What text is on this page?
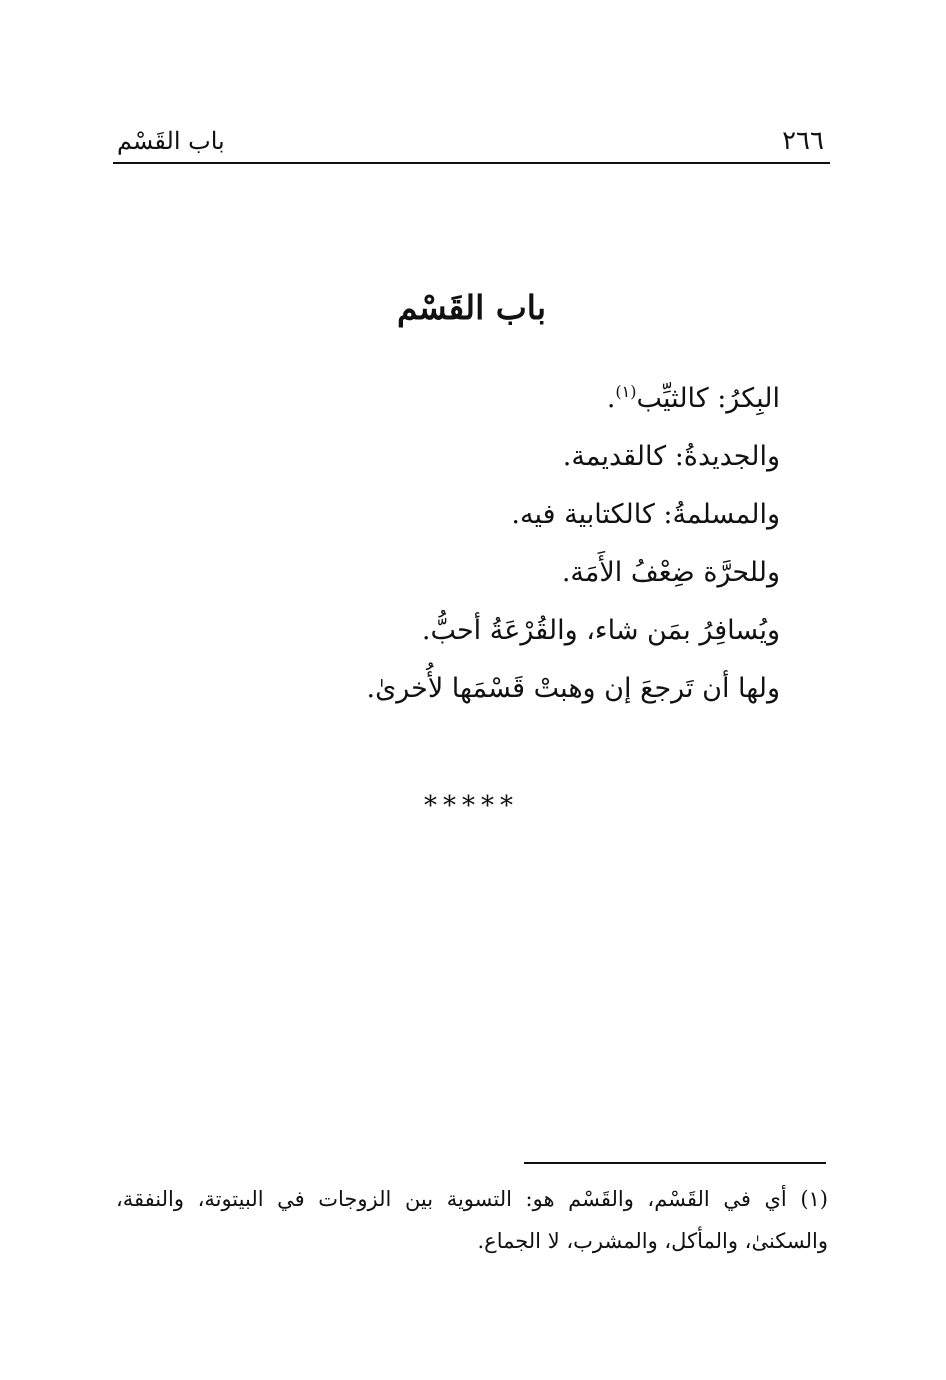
٢٦٦
باب القَسْم
باب القَسْم
البِكرُ: كالثيِّب$^{(١)}$.
والجديدةُ: كالقديمة.
والمسلمةُ: كالكتابية فيه.
وللحرَّة ضِعْفُ الأَمَة.
ويُسافِرُ بمَن شاء، والقُرْعَةُ أحبُّ.
ولها أن تَرجعَ إن وهبتْ قَسْمَها لأُخرىٰ.
*****

(١) أي في القَسْم، والقَسْم هو: التسوية بين الزوجات في البيتوتة، والنفقة، والسكنىٰ، والمأكل، والمشرب، لا الجماع.
